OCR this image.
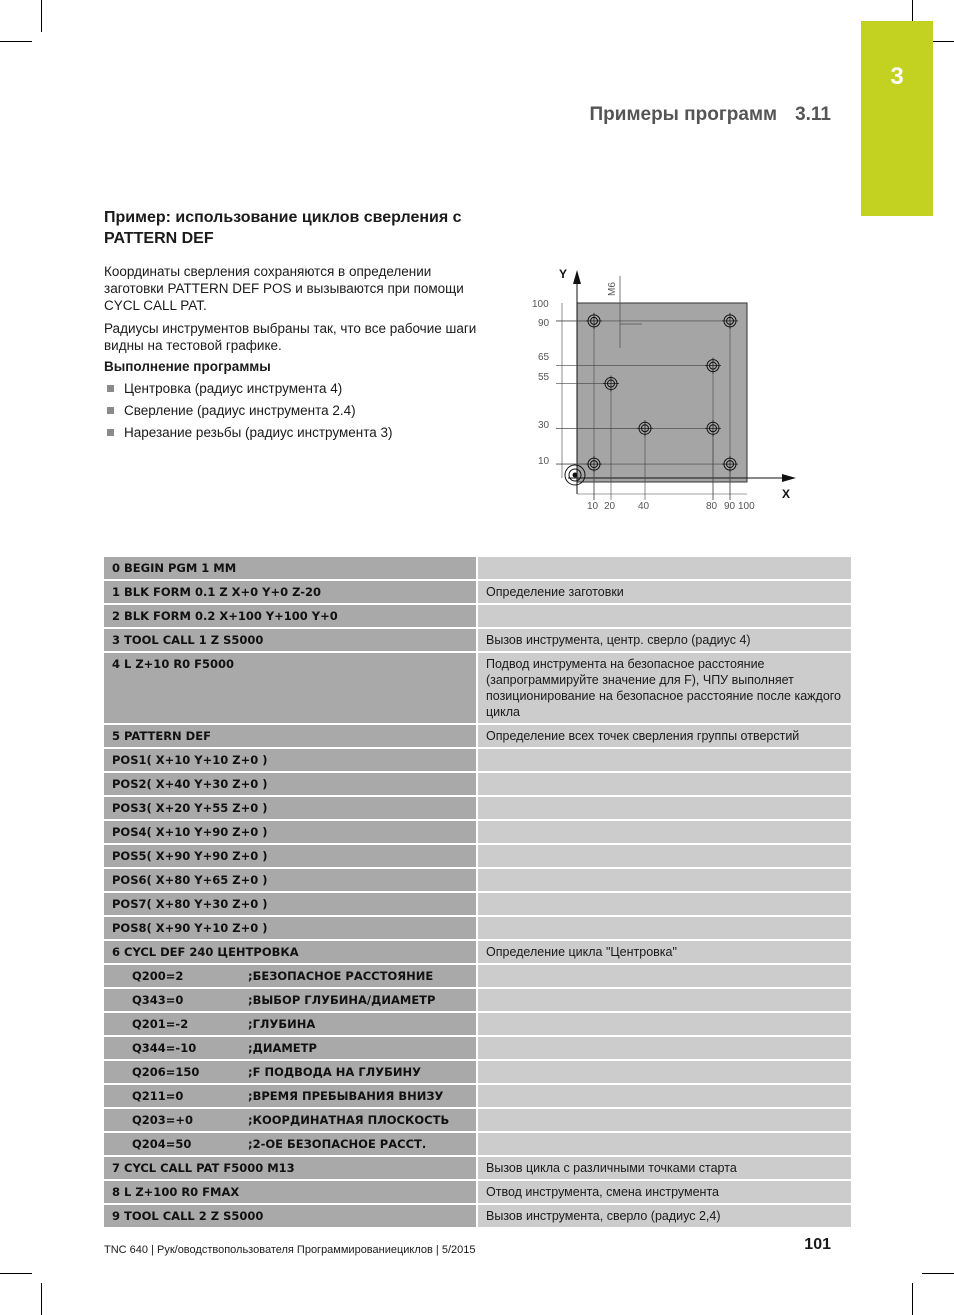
3
Примеры программ 3.11
Пример: использование циклов сверления с PATTERN DEF
Координаты сверления сохраняются в определении заготовки PATTERN DEF POS и вызываются при помощи CYCL CALL PAT.
Радиусы инструментов выбраны так, что все рабочие шаги видны на тестовой графике.
Выполнение программы
Центровка (радиус инструмента 4)
Сверление (радиус инструмента 2.4)
Нарезание резьбы (радиус инструмента 3)
Y
X
M6
100
90
65
55
30
10
10 20 40	80 90 100
0 BEGIN PGM 1 MM	
1 BLK FORM 0.1 Z X+0 Y+0 Z-20	Определение заготовки
2 BLK FORM 0.2 X+100 Y+100 Y+0	
3 TOOL CALL 1 Z S5000	Вызов инструмента, центр. сверло (радиус 4)
4 L Z+10 R0 F5000	Подвод инструмента на безопасное расстояние (запрограммируйте значение для F), ЧПУ выполняет позиционирование на безопасное расстояние после каждого цикла
5 PATTERN DEF	Определение всех точек сверления группы отверстий
POS1( X+10 Y+10 Z+0 )	
POS2( X+40 Y+30 Z+0 )	
POS3( X+20 Y+55 Z+0 )	
POS4( X+10 Y+90 Z+0 )	
POS5( X+90 Y+90 Z+0 )	
POS6( X+80 Y+65 Z+0 )	
POS7( X+80 Y+30 Z+0 )	
POS8( X+90 Y+10 Z+0 )	
6 CYCL DEF 240 ЦЕНТРОВКА	Определение цикла "Центровка"
Q200=2 ;БЕЗОПАСНОЕ РАССТОЯНИЕ	
Q343=0 ;ВЫБОР ГЛУБИНА/ДИАМЕТР	
Q201=-2 ;ГЛУБИНА	
Q344=-10 ;ДИАМЕТР	
Q206=150 ;F ПОДВОДА НА ГЛУБИНУ	
Q211=0 ;ВРЕМЯ ПРЕБЫВАНИЯ ВНИЗУ	
Q203=+0 ;КООРДИНАТНАЯ ПЛОСКОСТЬ	
Q204=50 ;2-ОЕ БЕЗОПАСНОЕ РАССТ.	
7 CYCL CALL PAT F5000 M13	Вызов цикла с различными точками старта
8 L Z+100 R0 FMAX	Отвод инструмента, смена инструмента
9 TOOL CALL 2 Z S5000	Вызов инструмента, сверло (радиус 2,4)
TNC 640 | Рук/оводствопользователя Программированиециклов | 5/2015	101
